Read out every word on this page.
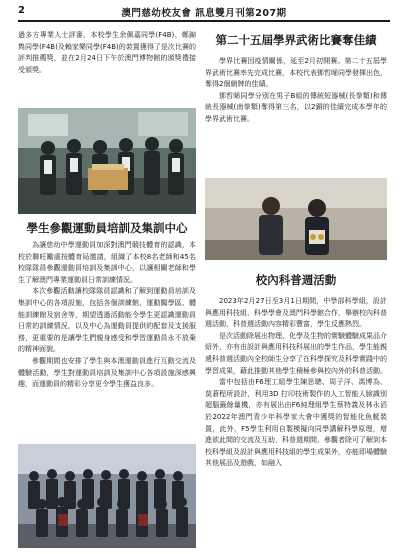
2	澳門慈幼校友會 訊息雙月刊第207期

過多方專業人士評審，本校學生余佩嘉同學(F4B)、鄭錦雋同學(F4B)及賴家樂同學(F4B)的裝置獲得了是次比賽的評判推薦獎，並在2月24日下午於澳門博物館的頒獎禮接受頒獎。

學生參觀運動員培訓及集訓中心

為讓慈幼中學運動員加深對澳門競技體育的認識，本校於聯旺勵處按體育局邀請，組織了本校8名老師和45名校隊隊員參觀運動員培訓及集訓中心，以讓相關老師和學生了解澳門專業運動員日常訓練情況。

本次參觀活動讓校隊隊員認識和了解到運動員培訓及集訓中心的各項設施，包括各個訓練館、運動醫學區、體能訓練館及宿舍等，期望透過活動能令學生更認識運動員日常的訓練情況，以及中心為運動員提供的配套及支援服務，更重要的是讓學生們親身感受和學習運動員永不放棄的精神面貌。

參觀期間也安排了學生與本澳運動員進行互動交流及體驗活動，學生對運動員培訓及集訓中心各項設施深感興趣，而運動員的精彩分享更令學生獲益良多。

第二十五屆學界武術比賽奪佳績

學界比賽因疫情關係，延至2月初開賽。第二十五屆學界武術比賽率先完成比賽，本校代表鄧哲晞同學發揮出色，奪得2個網牌的佳績。

鄧哲晞同學分別在男子B組的傳統短器械(長拳類)和傳統長器械(南拳類)奪得第三名，以2銅的佳績完成本學年的學界武術比賽。

校內科普週活動

2023年2月27日至3月1日期間，中學部科學組，設計與應用科技組、科學學會及澳門科學館合作，舉辦校內科普週活動，科普週活動內容精彩豐富，學生反應熱烈。

是次活動除展出物理、化學及生物的實驗體驗成果品介紹外，亦有由設計與應用科技科展出的學生作品，學生能親遞科普週活動內全校師生分享了在科學探究及科學實踐中的學習成果，藉此推動其他學生積極參與校內外的科普活動。

當中包括由F6理工組學生陳思聰、周子洋、馮博為、莫蒼程所設計，利用3D 打印技術製作的人工智能人臉識別超腦籤餘量機，亦有展出由F6純理組學生蔡特義及林永滔於2022年澳門青少年科學家大會中獲獎的智能化魚艇裝置，此外，F5學生利用自製模擬向同學講解科學原理，增進欲此間的交流及互助，科普週期間，參觀者除可了解到本校科學組及設計與應用科技組的學生成果外，亦能即場體驗其他展品及遊戲，如融入
